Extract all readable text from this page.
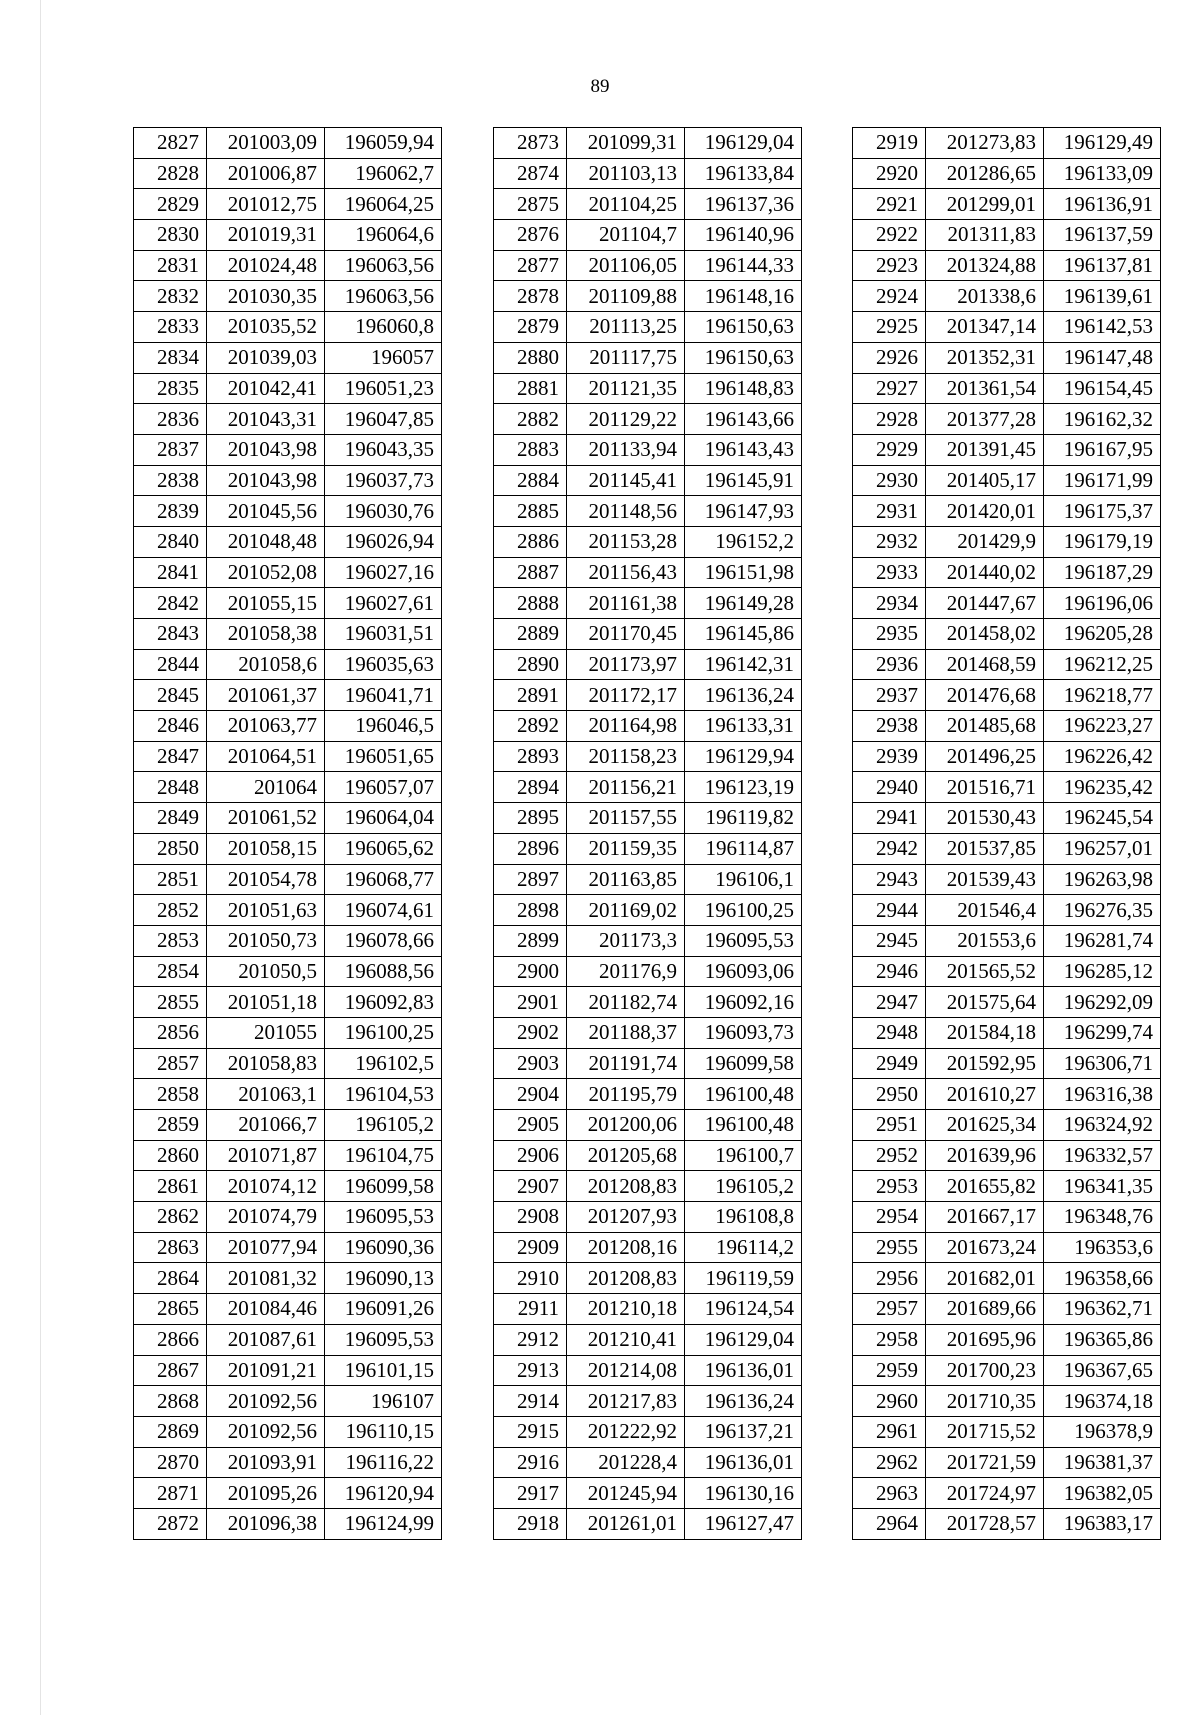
89
2827	201003,09	196059,94
2828	201006,87	196062,7
2829	201012,75	196064,25
2830	201019,31	196064,6
2831	201024,48	196063,56
2832	201030,35	196063,56
2833	201035,52	196060,8
2834	201039,03	196057
2835	201042,41	196051,23
2836	201043,31	196047,85
2837	201043,98	196043,35
2838	201043,98	196037,73
2839	201045,56	196030,76
2840	201048,48	196026,94
2841	201052,08	196027,16
2842	201055,15	196027,61
2843	201058,38	196031,51
2844	201058,6	196035,63
2845	201061,37	196041,71
2846	201063,77	196046,5
2847	201064,51	196051,65
2848	201064	196057,07
2849	201061,52	196064,04
2850	201058,15	196065,62
2851	201054,78	196068,77
2852	201051,63	196074,61
2853	201050,73	196078,66
2854	201050,5	196088,56
2855	201051,18	196092,83
2856	201055	196100,25
2857	201058,83	196102,5
2858	201063,1	196104,53
2859	201066,7	196105,2
2860	201071,87	196104,75
2861	201074,12	196099,58
2862	201074,79	196095,53
2863	201077,94	196090,36
2864	201081,32	196090,13
2865	201084,46	196091,26
2866	201087,61	196095,53
2867	201091,21	196101,15
2868	201092,56	196107
2869	201092,56	196110,15
2870	201093,91	196116,22
2871	201095,26	196120,94
2872	201096,38	196124,99
2873	201099,31	196129,04
2874	201103,13	196133,84
2875	201104,25	196137,36
2876	201104,7	196140,96
2877	201106,05	196144,33
2878	201109,88	196148,16
2879	201113,25	196150,63
2880	201117,75	196150,63
2881	201121,35	196148,83
2882	201129,22	196143,66
2883	201133,94	196143,43
2884	201145,41	196145,91
2885	201148,56	196147,93
2886	201153,28	196152,2
2887	201156,43	196151,98
2888	201161,38	196149,28
2889	201170,45	196145,86
2890	201173,97	196142,31
2891	201172,17	196136,24
2892	201164,98	196133,31
2893	201158,23	196129,94
2894	201156,21	196123,19
2895	201157,55	196119,82
2896	201159,35	196114,87
2897	201163,85	196106,1
2898	201169,02	196100,25
2899	201173,3	196095,53
2900	201176,9	196093,06
2901	201182,74	196092,16
2902	201188,37	196093,73
2903	201191,74	196099,58
2904	201195,79	196100,48
2905	201200,06	196100,48
2906	201205,68	196100,7
2907	201208,83	196105,2
2908	201207,93	196108,8
2909	201208,16	196114,2
2910	201208,83	196119,59
2911	201210,18	196124,54
2912	201210,41	196129,04
2913	201214,08	196136,01
2914	201217,83	196136,24
2915	201222,92	196137,21
2916	201228,4	196136,01
2917	201245,94	196130,16
2918	201261,01	196127,47
2919	201273,83	196129,49
2920	201286,65	196133,09
2921	201299,01	196136,91
2922	201311,83	196137,59
2923	201324,88	196137,81
2924	201338,6	196139,61
2925	201347,14	196142,53
2926	201352,31	196147,48
2927	201361,54	196154,45
2928	201377,28	196162,32
2929	201391,45	196167,95
2930	201405,17	196171,99
2931	201420,01	196175,37
2932	201429,9	196179,19
2933	201440,02	196187,29
2934	201447,67	196196,06
2935	201458,02	196205,28
2936	201468,59	196212,25
2937	201476,68	196218,77
2938	201485,68	196223,27
2939	201496,25	196226,42
2940	201516,71	196235,42
2941	201530,43	196245,54
2942	201537,85	196257,01
2943	201539,43	196263,98
2944	201546,4	196276,35
2945	201553,6	196281,74
2946	201565,52	196285,12
2947	201575,64	196292,09
2948	201584,18	196299,74
2949	201592,95	196306,71
2950	201610,27	196316,38
2951	201625,34	196324,92
2952	201639,96	196332,57
2953	201655,82	196341,35
2954	201667,17	196348,76
2955	201673,24	196353,6
2956	201682,01	196358,66
2957	201689,66	196362,71
2958	201695,96	196365,86
2959	201700,23	196367,65
2960	201710,35	196374,18
2961	201715,52	196378,9
2962	201721,59	196381,37
2963	201724,97	196382,05
2964	201728,57	196383,17
